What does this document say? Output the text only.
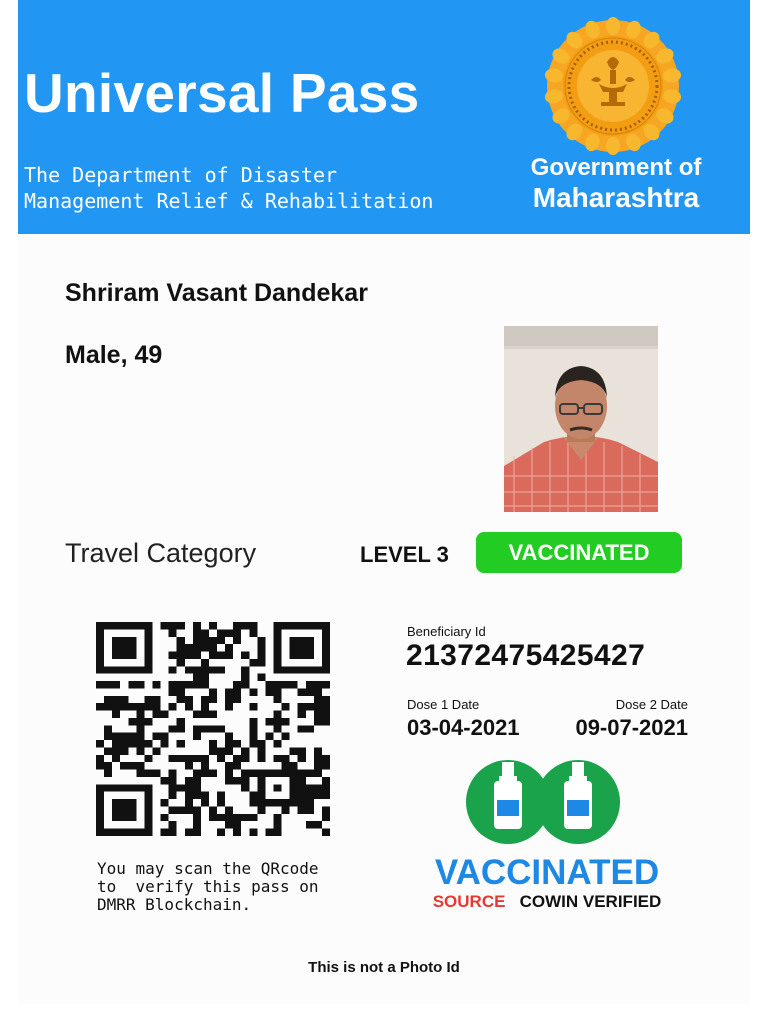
Universal Pass
The Department of Disaster
Management Relief & Rehabilitation
Government of
Maharashtra
Shriram Vasant Dandekar
Male, 49
Travel Category	LEVEL 3	VACCINATED
You may scan the QRcode
to  verify this pass on
DMRR Blockchain.
Beneficiary Id
21372475425427
Dose 1 Date	Dose 2 Date
03-04-2021	09-07-2021
VACCINATED
SOURCE COWIN VERIFIED
This is not a Photo Id
